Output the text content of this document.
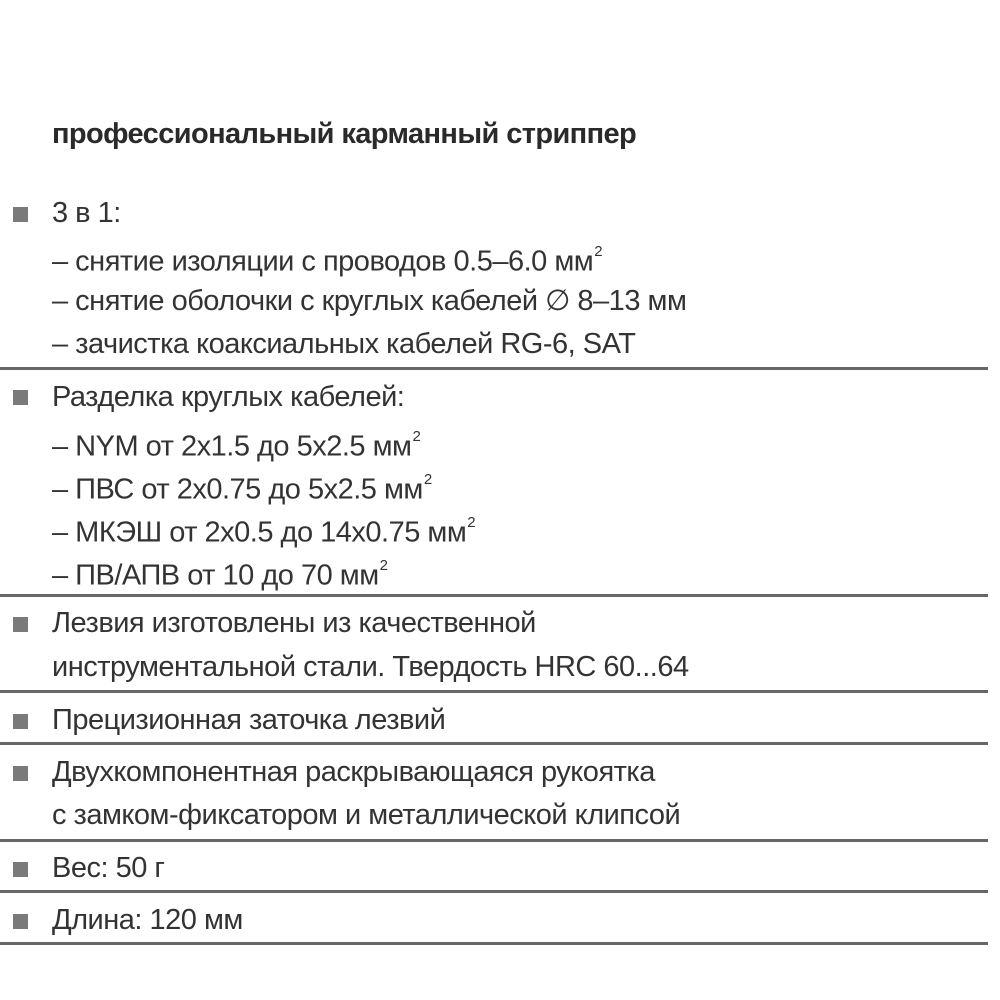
профессиональный карманный стриппер
3 в 1:
– снятие изоляции с проводов 0.5–6.0 $мм^2$
– снятие оболочки с круглых кабелей ∅ 8–13 мм
– зачистка коаксиальных кабелей RG-6, SAT
Разделка круглых кабелей:
– NYM от 2х1.5 до 5х2.5 $мм^2$
– ПВС от 2х0.75 до 5х2.5 $мм^2$
– МКЭШ от 2х0.5 до 14х0.75 $мм^2$
– ПВ/АПВ от 10 до 70 $мм^2$
Лезвия изготовлены из качественной
инструментальной стали. Твердость HRC 60...64
Прецизионная заточка лезвий
Двухкомпонентная раскрывающаяся рукоятка
с замком-фиксатором и металлической клипсой
Вес: 50 г
Длина: 120 мм
